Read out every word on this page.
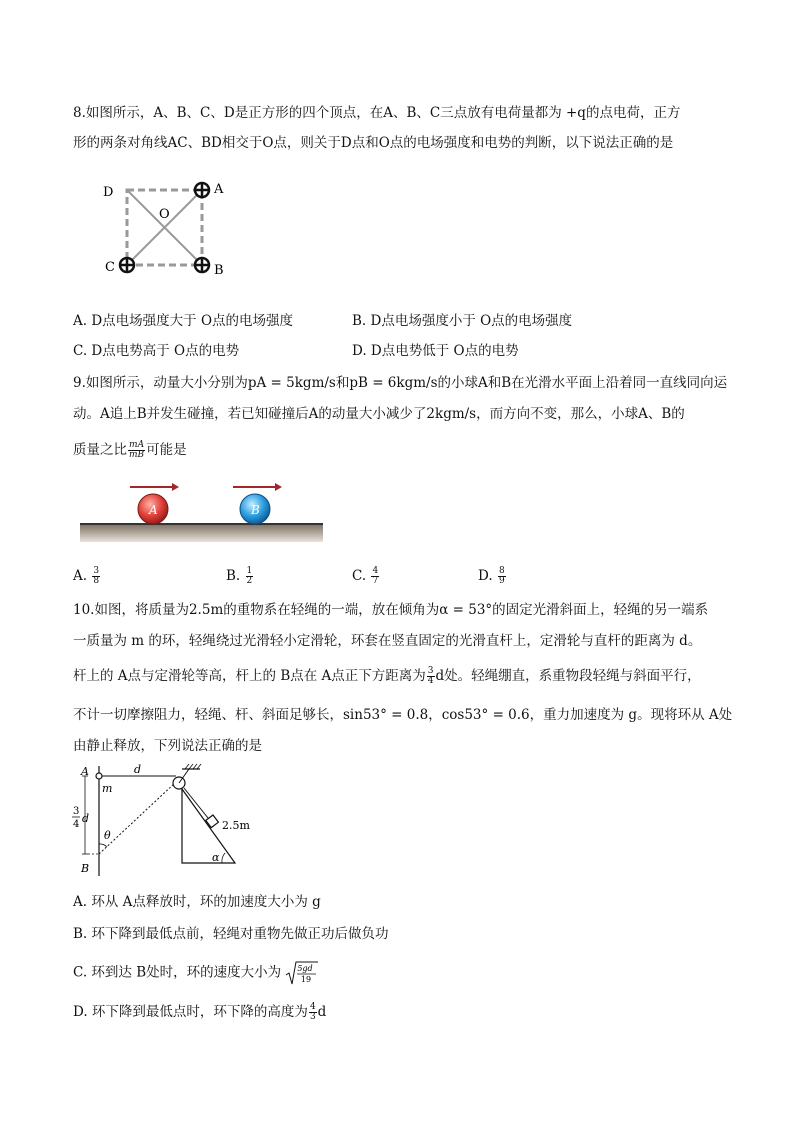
8.如图所示，A、B、C、D是正方形的四个顶点，在A、B、C三点放有电荷量都为 +q的点电荷，正方
形的两条对角线AC、BD相交于O点，则关于D点和O点的电场强度和电势的判断，以下说法正确的是
D	A
O
C	B
A. D点电场强度大于 O点的电场强度	B. D点电场强度小于 O点的电场强度
C. D点电势高于 O点的电势	D. D点电势低于 O点的电势
9.如图所示，动量大小分别为pA = 5kgm/s和pB = 6kgm/s的小球A和B在光滑水平面上沿着同一直线同向运
动。A追上B并发生碰撞，若已知碰撞后A的动量大小减少了2kgm/s，而方向不变，那么，小球A、B的
质量之比 $\frac{mA}{mB}$ 可能是
A	B
A. $\frac{3}{8}$	B. $\frac{1}{2}$	C. $\frac{4}{7}$	D. $\frac{8}{9}$
10.如图，将质量为2.5m的重物系在轻绳的一端，放在倾角为α = 53°的固定光滑斜面上，轻绳的另一端系
一质量为 m 的环，轻绳绕过光滑轻小定滑轮，环套在竖直固定的光滑直杆上，定滑轮与直杆的距离为 d。
杆上的 A点与定滑轮等高，杆上的 B点在 A点正下方距离为 $\frac{3}{4}$ d处。轻绳绷直，系重物段轻绳与斜面平行，
不计一切摩擦阻力，轻绳、杆、斜面足够长，sin53° = 0.8，cos53° = 0.6，重力加速度为 g。现将环从 A处
由静止释放，下列说法正确的是
A	d
m
3
4 d
θ
B
2.5m
α
A. 环从 A点释放时，环的加速度大小为 g
B. 环下降到最低点前，轻绳对重物先做正功后做负功
C. 环到达 B处时，环的速度大小为 5gd
19
D. 环下降到最低点时，环下降的高度为 $\frac{4}{3}$ d
